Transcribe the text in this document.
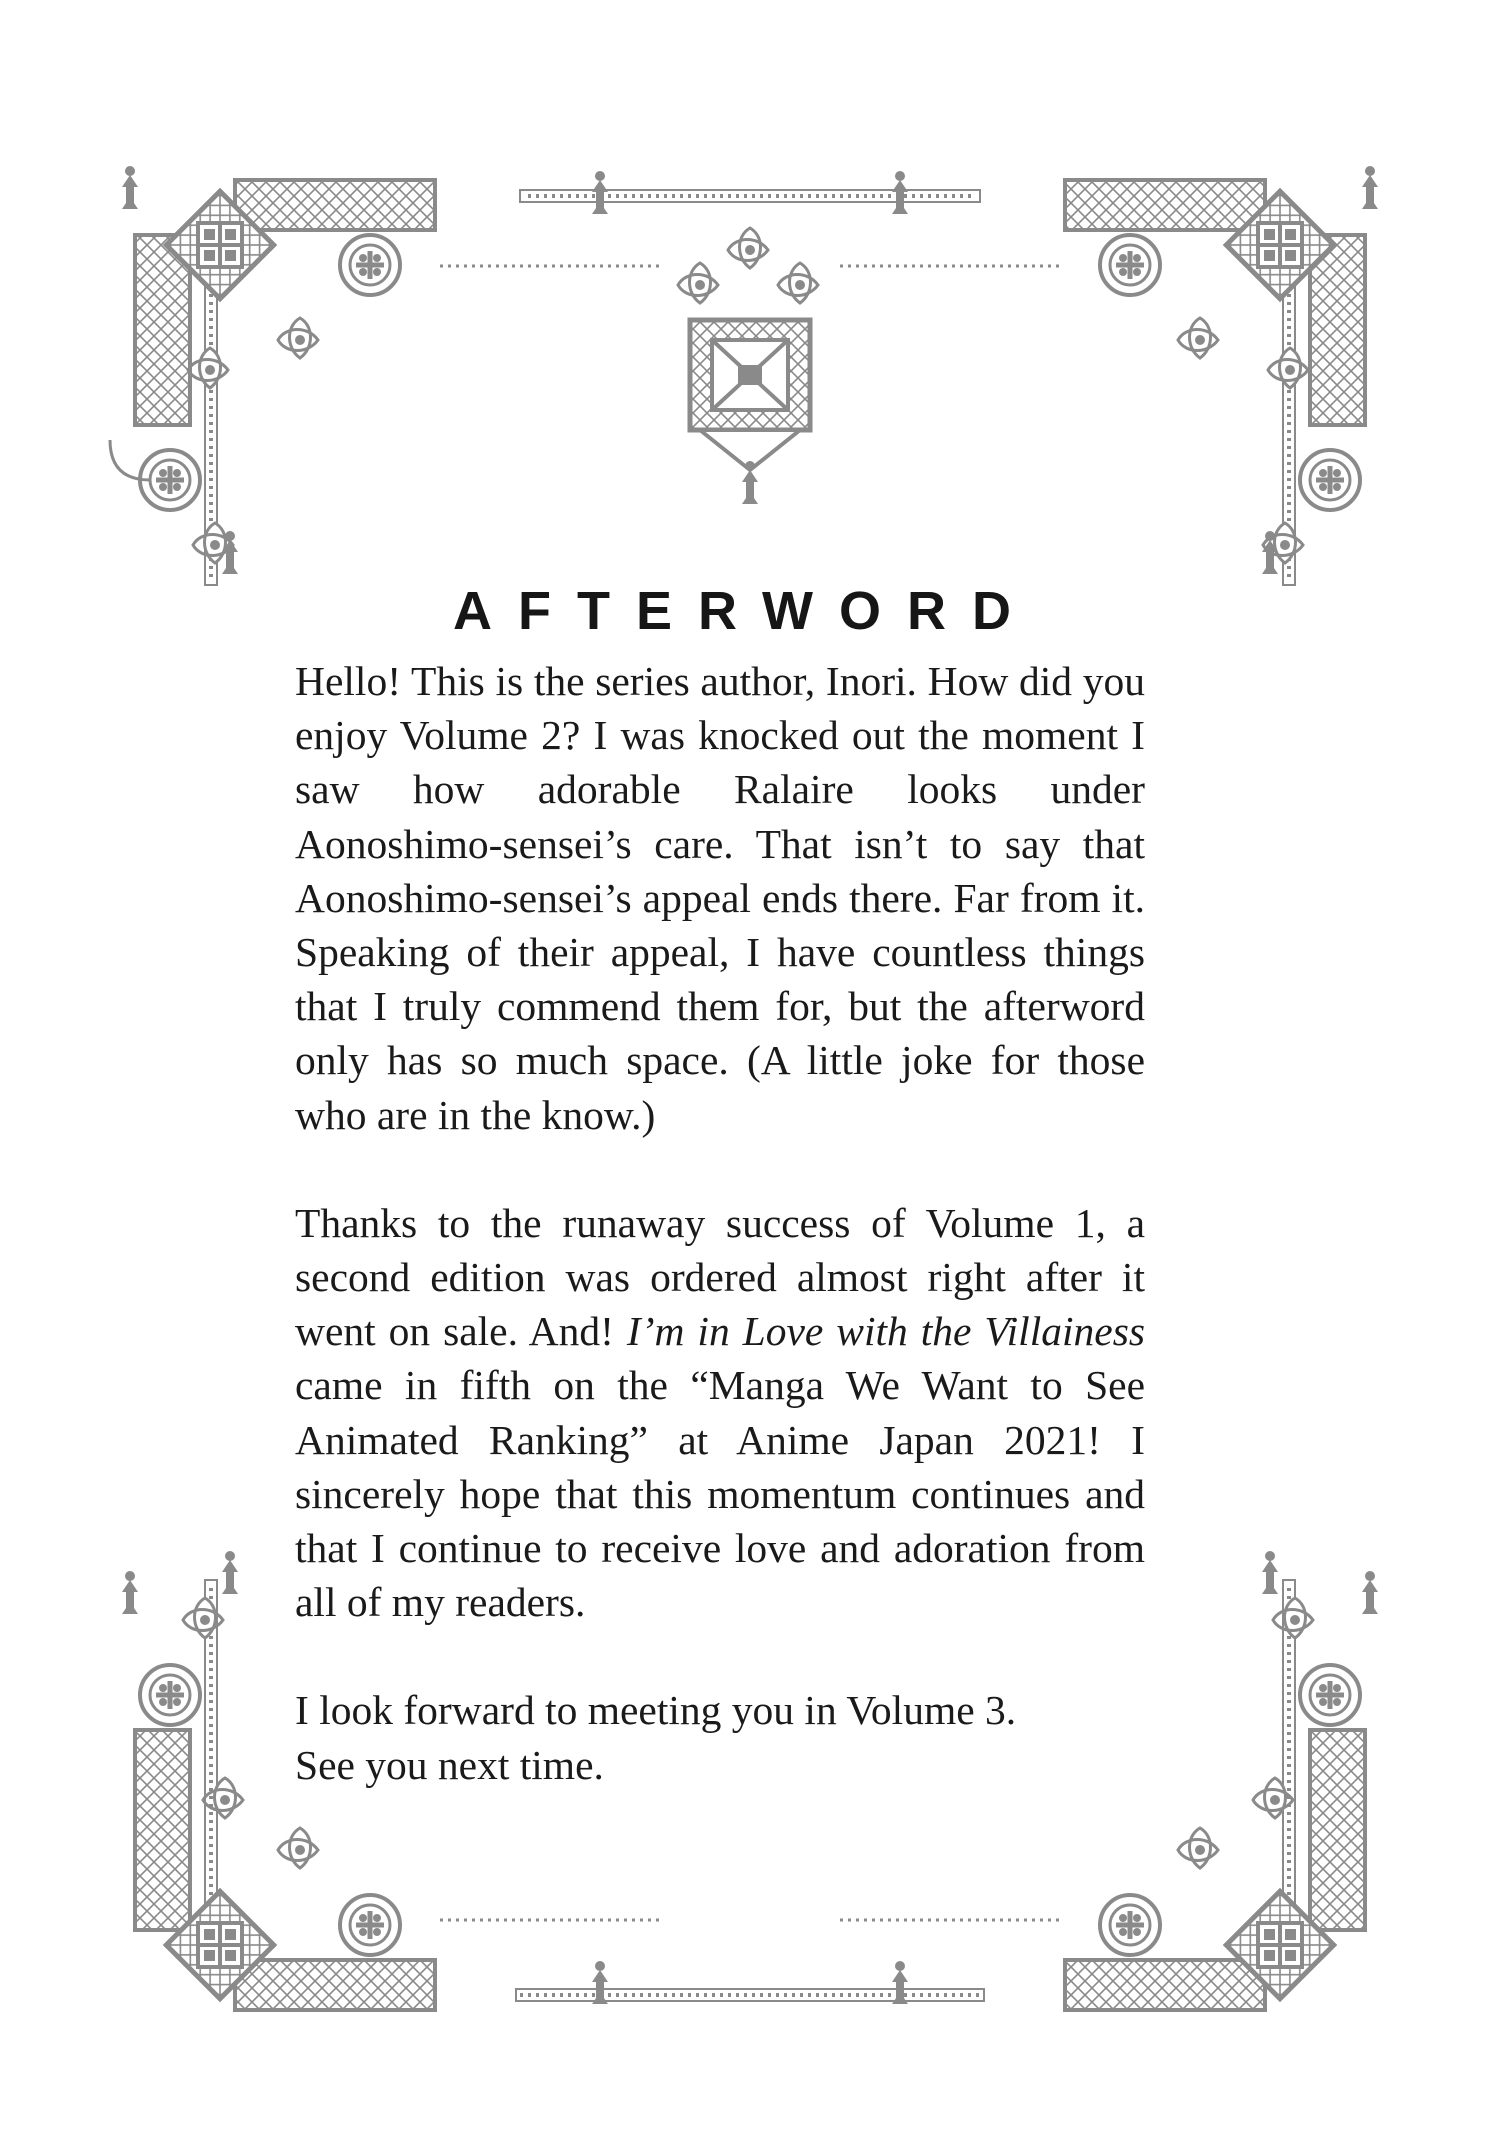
AFTERWORD

Hello! This is the series author, Inori. How did you enjoy Volume 2? I was knocked out the moment I saw how adorable Ralaire looks under Aonoshimo-sensei’s care. That isn’t to say that Aonoshimo-sensei’s appeal ends there. Far from it. Speaking of their appeal, I have countless things that I truly commend them for, but the afterword only has so much space. (A little joke for those who are in the know.)

Thanks to the runaway success of Volume 1, a second edition was ordered almost right after it went on sale. And! I’m in Love with the Villainess came in fifth on the “Manga We Want to See Animated Ranking” at Anime Japan 2021! I sincerely hope that this momentum continues and that I continue to receive love and adoration from all of my readers.

I look forward to meeting you in Volume 3.
See you next time.
